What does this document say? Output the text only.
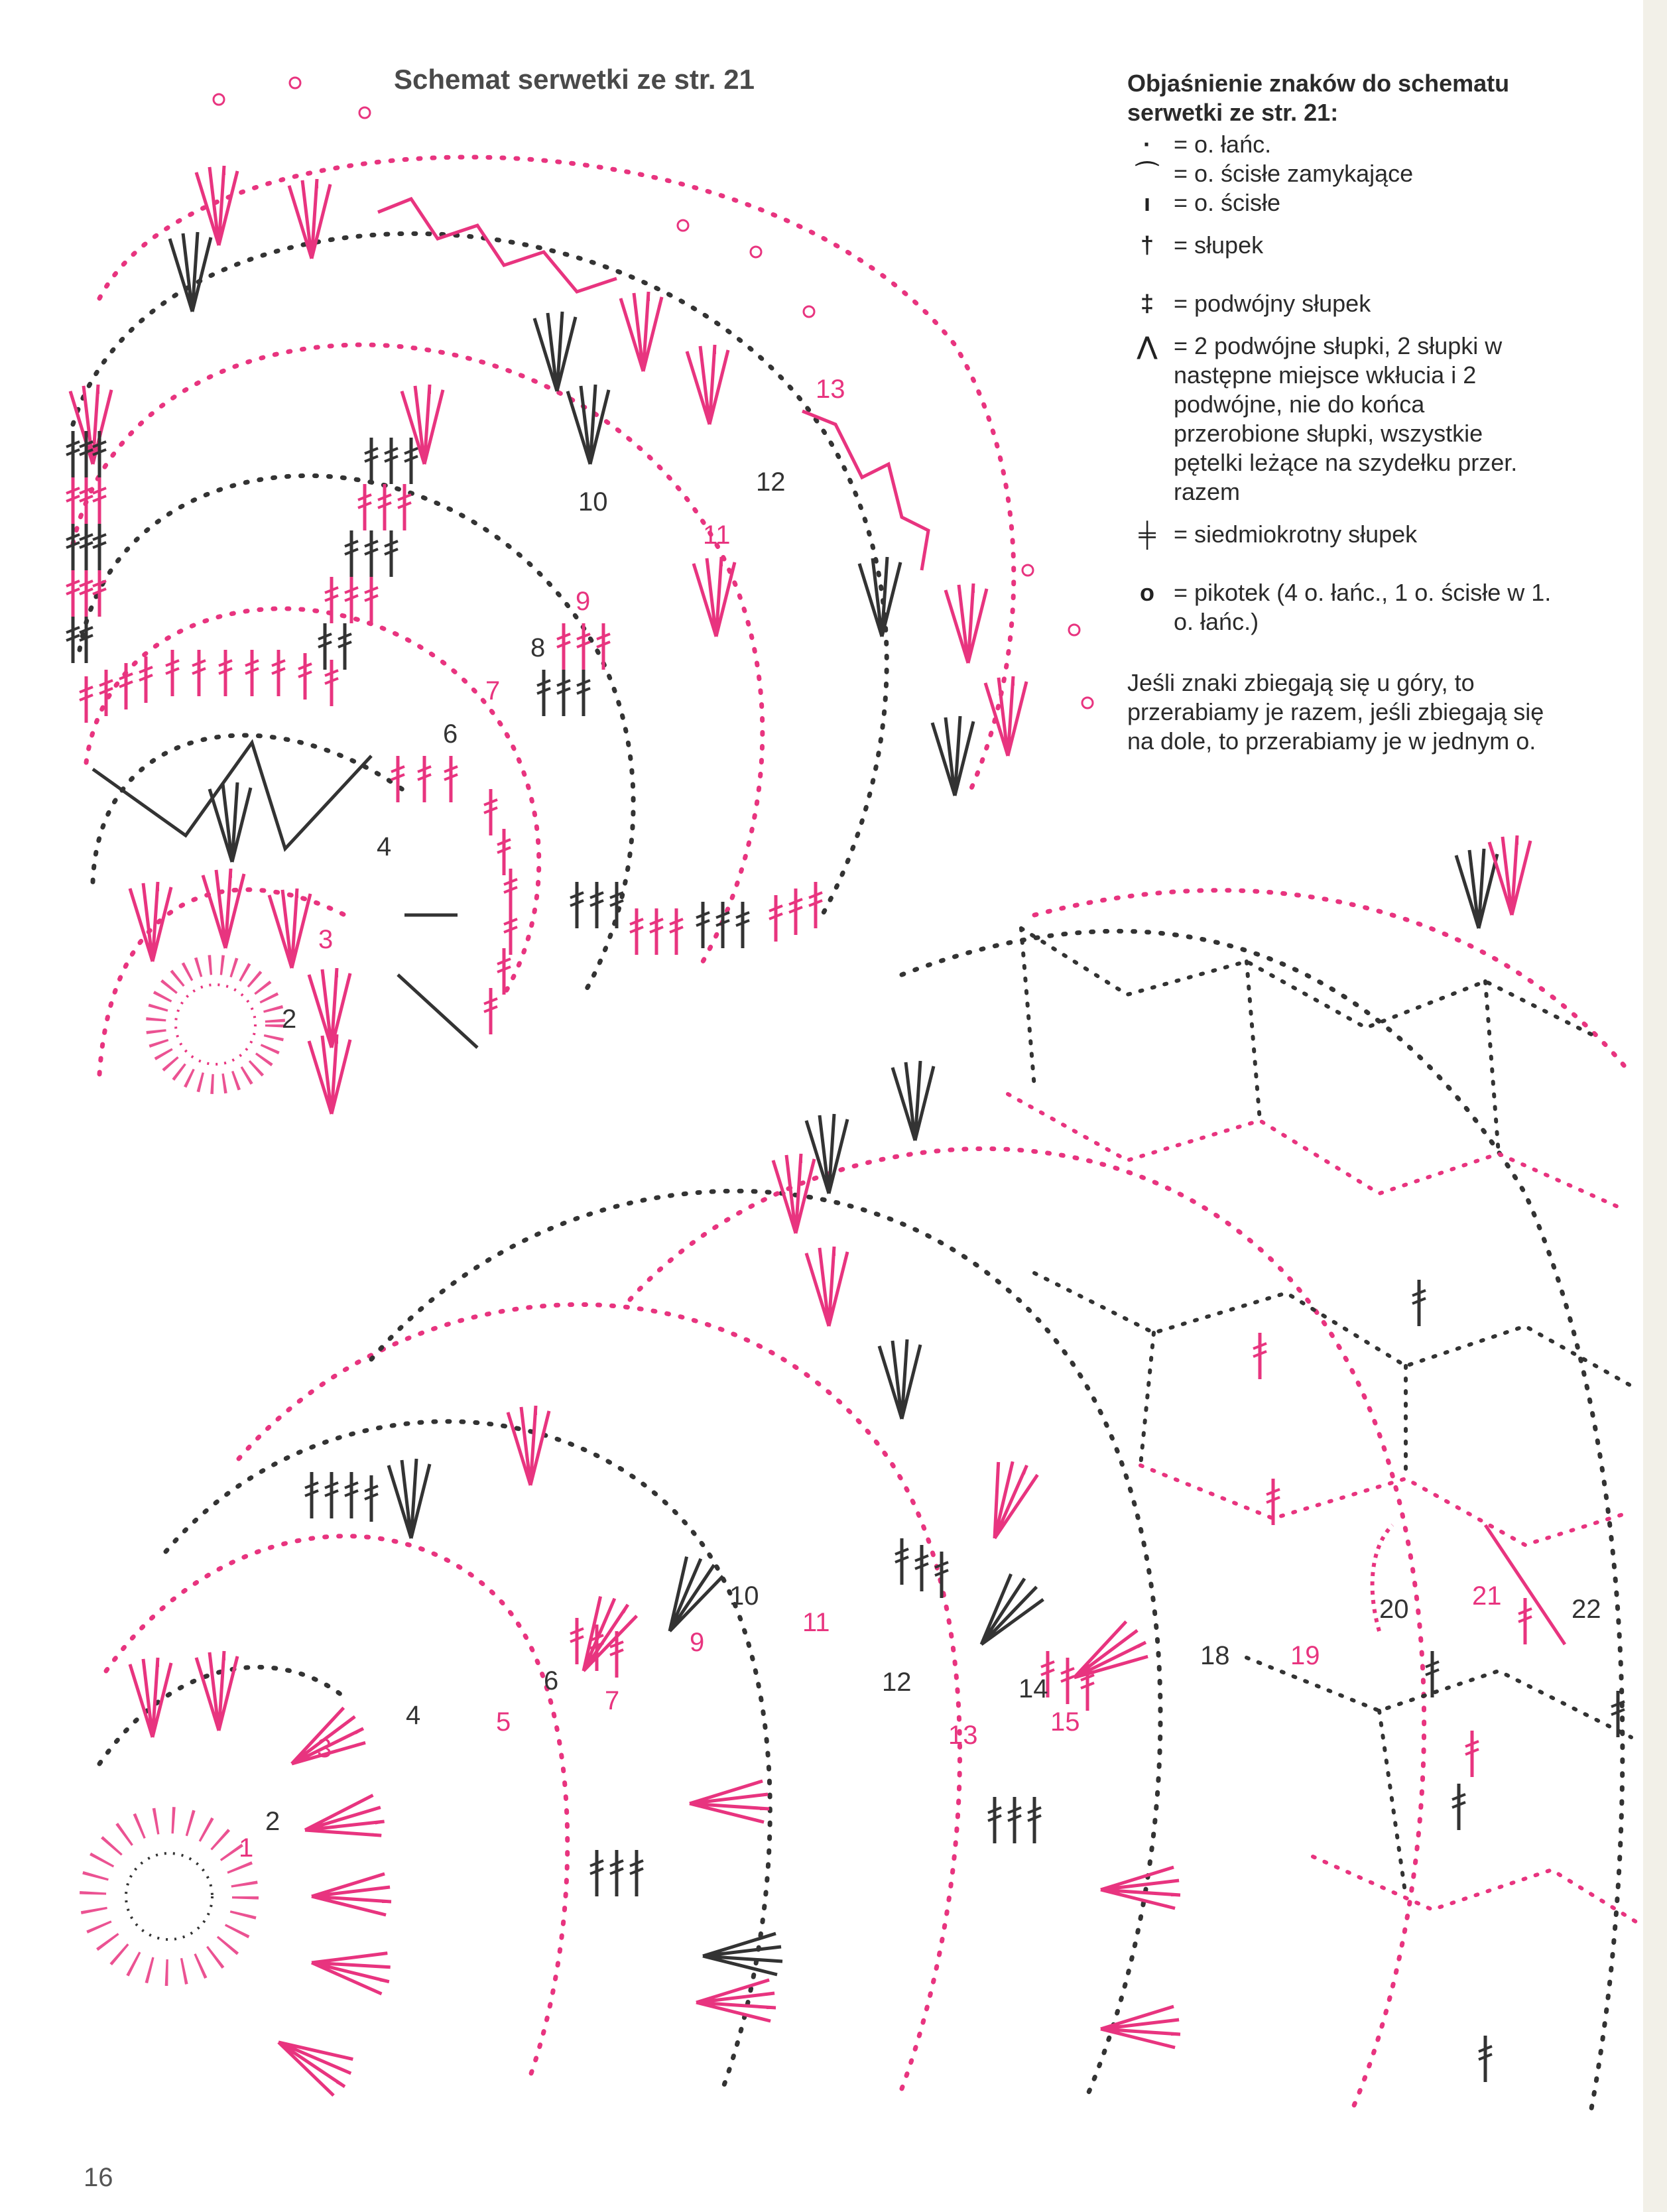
2
3
4
6
7
8
9
10
11
12
13
1
2
3
4	5
6
7
9
10
11
12
13
14
15
18 19
20 21	22
Schemat serwetki ze str. 21	Objaśnienie znaków do schematu serwetki ze str. 21:
· = o. łańc.
⌒ = o. ścisłe zamykające
ı = o. ścisłe
† = słupek
‡ = podwójny słupek
⋀ = 2 podwójne słupki, 2 słupki w następne miejsce wkłucia i 2 podwójne, nie do końca przerobione słupki, wszystkie pętelki leżące na szydełku przer. razem
╪ = siedmiokrotny słupek
o = pikotek (4 o. łańc., 1 o. ścisłe w 1. o. łańc.)
Jeśli znaki zbiegają się u góry, to przerabiamy je razem, jeśli zbiegają się na dole, to przerabiamy je w jednym o.
16
